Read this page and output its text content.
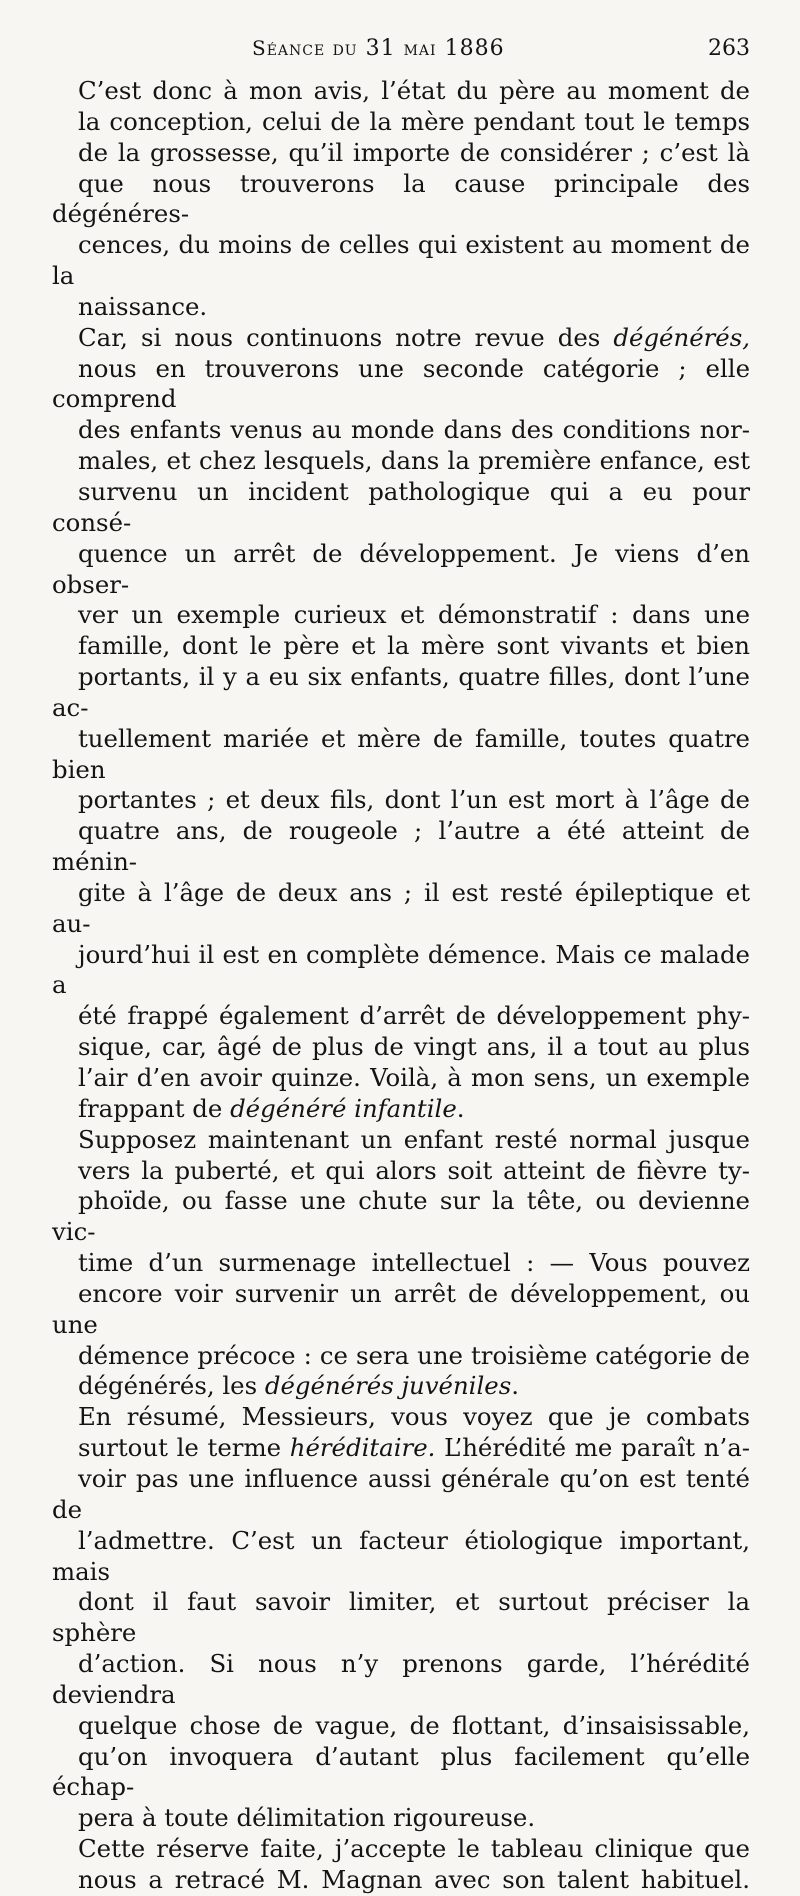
Séance du 31 mai 1886	263

C’est donc à mon avis, l’état du père au moment de
la conception, celui de la mère pendant tout le temps
de la grossesse, qu’il importe de considérer ; c’est là
que nous trouverons la cause principale des dégénéres-
cences, du moins de celles qui existent au moment de la
naissance.

Car, si nous continuons notre revue des dégénérés,
nous en trouverons une seconde catégorie ; elle comprend
des enfants venus au monde dans des conditions nor-
males, et chez lesquels, dans la première enfance, est
survenu un incident pathologique qui a eu pour consé-
quence un arrêt de développement. Je viens d’en obser-
ver un exemple curieux et démonstratif : dans une
famille, dont le père et la mère sont vivants et bien
portants, il y a eu six enfants, quatre filles, dont l’une ac-
tuellement mariée et mère de famille, toutes quatre bien
portantes ; et deux fils, dont l’un est mort à l’âge de
quatre ans, de rougeole ; l’autre a été atteint de ménin-
gite à l’âge de deux ans ; il est resté épileptique et au-
jourd’hui il est en complète démence. Mais ce malade a
été frappé également d’arrêt de développement phy-
sique, car, âgé de plus de vingt ans, il a tout au plus
l’air d’en avoir quinze. Voilà, à mon sens, un exemple
frappant de dégénéré infantile.

Supposez maintenant un enfant resté normal jusque
vers la puberté, et qui alors soit atteint de fièvre ty-
phoïde, ou fasse une chute sur la tête, ou devienne vic-
time d’un surmenage intellectuel : — Vous pouvez
encore voir survenir un arrêt de développement, ou une
démence précoce : ce sera une troisième catégorie de
dégénérés, les dégénérés juvéniles.

En résumé, Messieurs, vous voyez que je combats
surtout le terme héréditaire. L’hérédité me paraît n’a-
voir pas une influence aussi générale qu’on est tenté de
l’admettre. C’est un facteur étiologique important, mais
dont il faut savoir limiter, et surtout préciser la sphère
d’action. Si nous n’y prenons garde, l’hérédité deviendra
quelque chose de vague, de flottant, d’insaisissable,
qu’on invoquera d’autant plus facilement qu’elle échap-
pera à toute délimitation rigoureuse.

Cette réserve faite, j’accepte le tableau clinique que
nous a retracé M. Magnan avec son talent habituel.
